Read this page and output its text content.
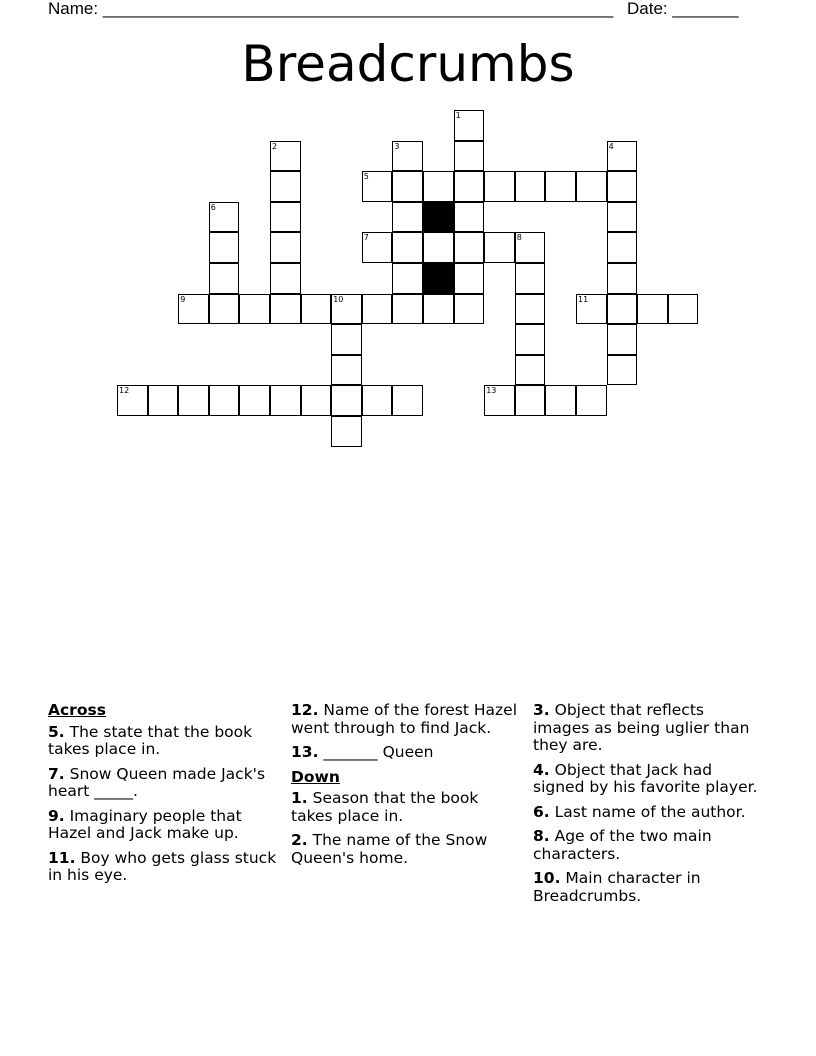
Name: ______________________________________________________ Date: _______
Breadcrumbs
1
2	3	4
5
6
7	8
9	10	11
12	13
Across
5. The state that the book takes place in.
7. Snow Queen made Jack's heart _____.
9. Imaginary people that Hazel and Jack make up.
11. Boy who gets glass stuck in his eye.
12. Name of the forest Hazel went through to find Jack.
13. _______ Queen
Down
1. Season that the book takes place in.
2. The name of the Snow Queen's home.
3. Object that reflects images as being uglier than they are.
4. Object that Jack had signed by his favorite player.
6. Last name of the author.
8. Age of the two main characters.
10. Main character in Breadcrumbs.
